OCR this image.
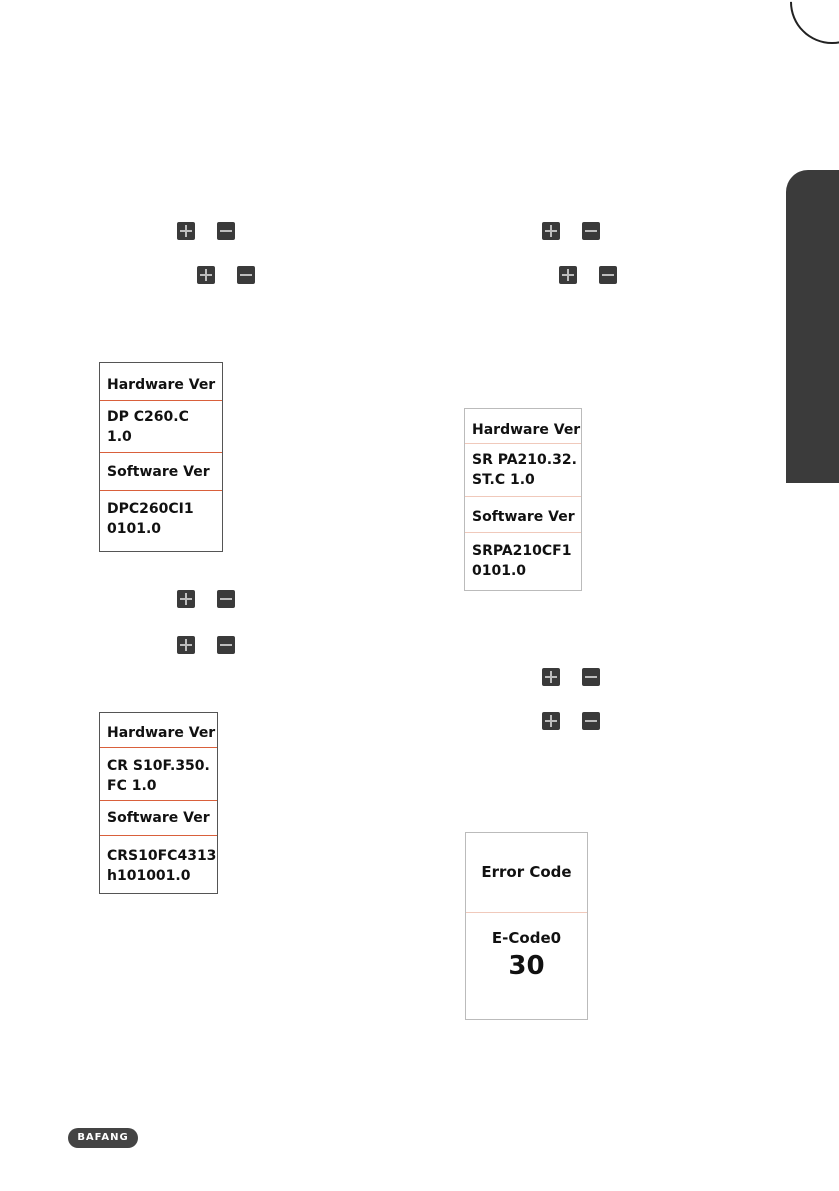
Hardware Ver
DP C260.C
1.0
Software Ver
DPC260CI1
0101.0
Hardware Ver
SR PA210.32.
ST.C 1.0
Software Ver
SRPA210CF1
0101.0
Hardware Ver
CR S10F.350.
FC 1.0
Software Ver
CRS10FC4313
h101001.0	Error Code
E-Code0
30
BAFANG
